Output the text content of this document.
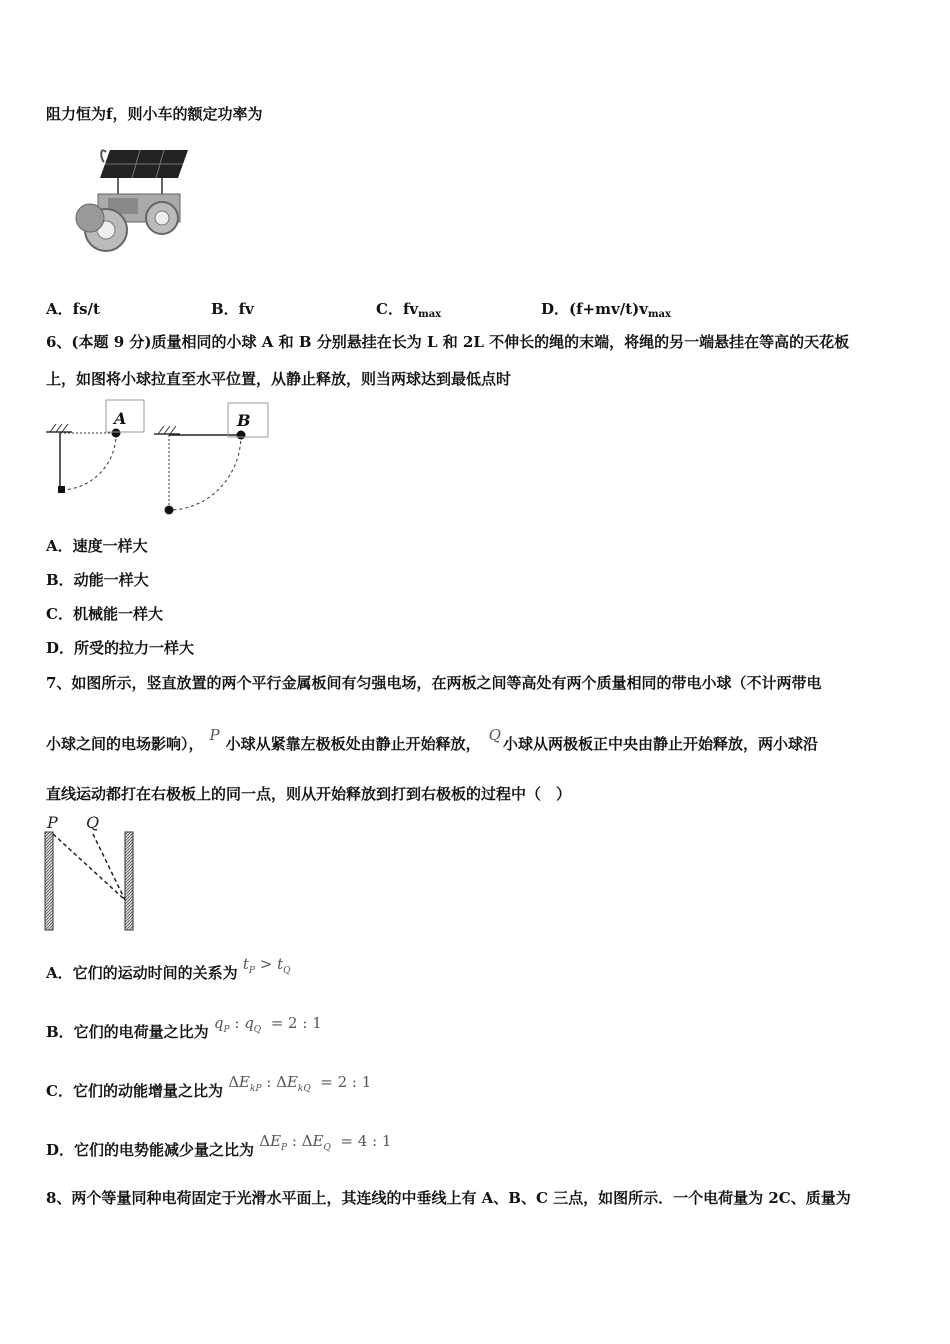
阻力恒为f，则小车的额定功率为
A．fs/t	B．fv	C．$fv_{max}$	D．$(f+mv/t)v_{max}$
6、(本题 9 分)质量相同的小球 A 和 B 分别悬挂在长为 L 和 2L 不伸长的绳的末端，将绳的另一端悬挂在等高的天花板
上，如图将小球拉直至水平位置，从静止释放，则当两球达到最低点时
A	B
A．速度一样大
B．动能一样大
C．机械能一样大
D．所受的拉力一样大
7、如图所示，竖直放置的两个平行金属板间有匀强电场，在两板之间等高处有两个质量相同的带电小球（不计两带电
小球之间的电场影响）， P 小球从紧靠左极板处由静止开始释放， Q 小球从两极板正中央由静止开始释放，两小球沿
直线运动都打在右极板上的同一点，则从开始释放到打到右极板的过程中（　）
P Q
A．它们的运动时间的关系为 $t_P > t_Q$
B．它们的电荷量之比为 $q_P$ : $q_Q = 2$ : 1
C．它们的动能增量之比为 $\Delta E_{kP}$ : $\Delta E_{kQ} = 2$ : 1
D．它们的电势能减少量之比为 $\Delta E_P$ : $\Delta E_Q = 4$ : 1
8、两个等量同种电荷固定于光滑水平面上，其连线的中垂线上有 A、B、C 三点，如图所示．一个电荷量为 2C、质量为
